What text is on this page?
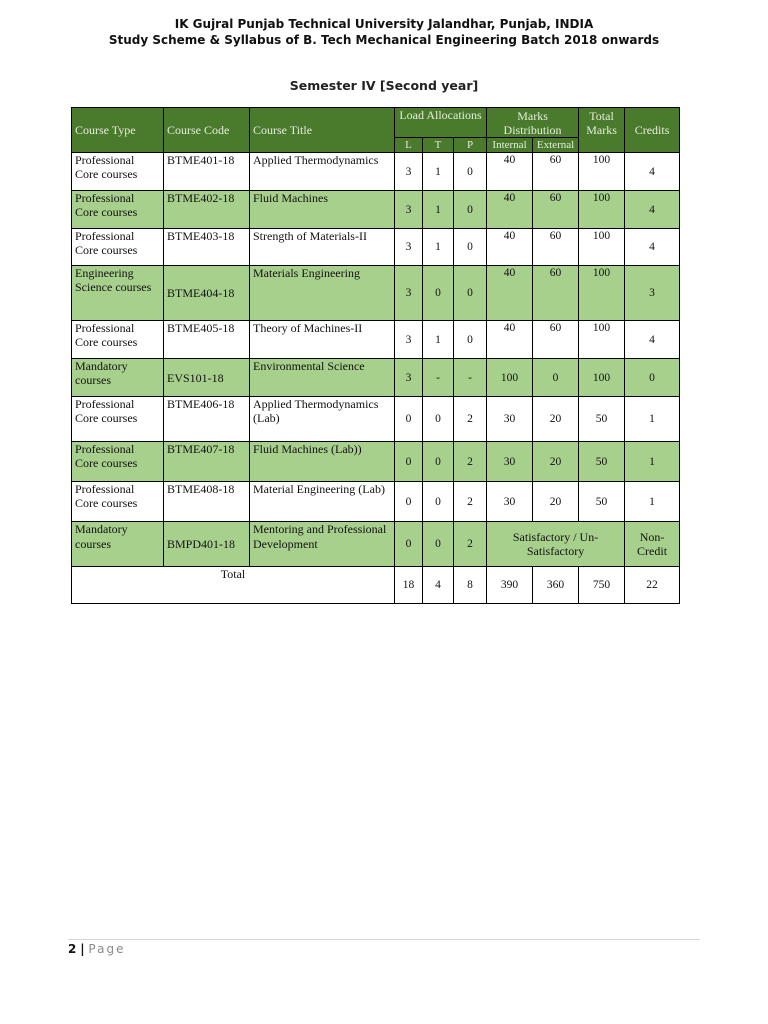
IK Gujral Punjab Technical University Jalandhar, Punjab, INDIA
Study Scheme & Syllabus of B. Tech Mechanical Engineering Batch 2018 onwards
Semester IV [Second year]
Course Type	Course Code	Course Title	Load Allocations			Marks Distribution		Total Marks	Credits
			L	T	P	Internal	External		
Professional Core courses	BTME401-18	Applied Thermodynamics	3	1	0	40	60	100	4
Professional Core courses	BTME402-18	Fluid Machines	3	1	0	40	60	100	4
Professional Core courses	BTME403-18	Strength of Materials-II	3	1	0	40	60	100	4
Engineering Science courses	BTME404-18	Materials Engineering	3	0	0	40	60	100	3
Professional Core courses	BTME405-18	Theory of Machines-II	3	1	0	40	60	100	4
Mandatory courses	EVS101-18	Environmental Science	3	-	-	100	0	100	0
Professional Core courses	BTME406-18	Applied Thermodynamics (Lab)	0	0	2	30	20	50	1
Professional Core courses	BTME407-18	Fluid Machines (Lab))	0	0	2	30	20	50	1
Professional Core courses	BTME408-18	Material Engineering (Lab)	0	0	2	30	20	50	1
Mandatory courses	BMPD401-18	Mentoring and Professional Development	0	0	2	Satisfactory / Un-Satisfactory			Non-Credit
Total			18	4	8	390	360	750	22
2 | Page
